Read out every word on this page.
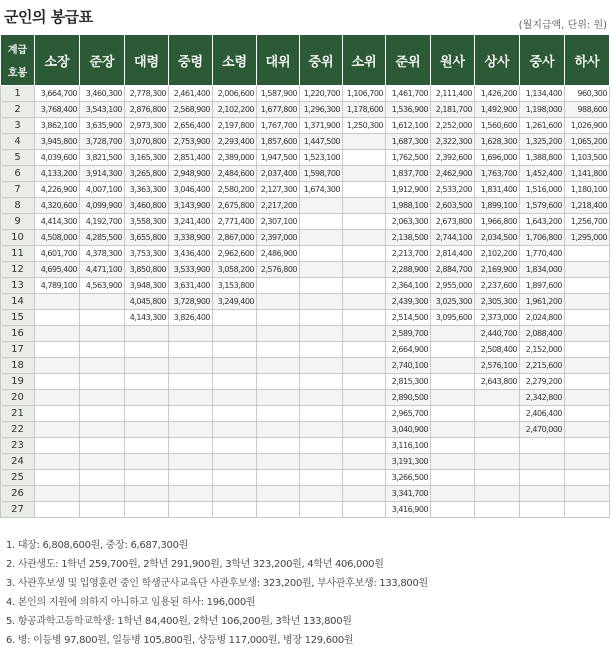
군인의 봉급표	(월지급액, 단위: 원)
계급
호봉	소장	준장	대령	중령	소령	대위	중위	소위	준위	원사	상사	중사	하사
1	3,664,700	3,460,300	2,778,300	2,461,400	2,006,600	1,587,900	1,220,700	1,106,700	1,461,700	2,111,400	1,426,200	1,134,400	960,300
2	3,768,400	3,543,100	2,876,800	2,568,900	2,102,200	1,677,800	1,296,300	1,178,600	1,536,900	2,181,700	1,492,900	1,198,000	988,600
3	3,862,100	3,635,900	2,973,300	2,656,400	2,197,800	1,767,700	1,371,900	1,250,300	1,612,100	2,252,000	1,560,600	1,261,600	1,026,900
4	3,945,800	3,728,700	3,070,800	2,753,900	2,293,400	1,857,600	1,447,500		1,687,300	2,322,300	1,628,300	1,325,200	1,065,200
5	4,039,600	3,821,500	3,165,300	2,851,400	2,389,000	1,947,500	1,523,100		1,762,500	2,392,600	1,696,000	1,388,800	1,103,500
6	4,133,200	3,914,300	3,265,800	2,948,900	2,484,600	2,037,400	1,598,700		1,837,700	2,462,900	1,763,700	1,452,400	1,141,800
7	4,226,900	4,007,100	3,363,300	3,046,400	2,580,200	2,127,300	1,674,300		1,912,900	2,533,200	1,831,400	1,516,000	1,180,100
8	4,320,600	4,099,900	3,460,800	3,143,900	2,675,800	2,217,200			1,988,100	2,603,500	1,899,100	1,579,600	1,218,400
9	4,414,300	4,192,700	3,558,300	3,241,400	2,771,400	2,307,100			2,063,300	2,673,800	1,966,800	1,643,200	1,256,700
10	4,508,000	4,285,500	3,655,800	3,338,900	2,867,000	2,397,000			2,138,500	2,744,100	2,034,500	1,706,800	1,295,000
11	4,601,700	4,378,300	3,753,300	3,436,400	2,962,600	2,486,900			2,213,700	2,814,400	2,102,200	1,770,400	
12	4,695,400	4,471,100	3,850,800	3,533,900	3,058,200	2,576,800			2,288,900	2,884,700	2,169,900	1,834,000	
13	4,789,100	4,563,900	3,948,300	3,631,400	3,153,800				2,364,100	2,955,000	2,237,600	1,897,600	
14			4,045,800	3,728,900	3,249,400				2,439,300	3,025,300	2,305,300	1,961,200	
15			4,143,300	3,826,400					2,514,500	3,095,600	2,373,000	2,024,800	
16									2,589,700		2,440,700	2,088,400	
17									2,664,900		2,508,400	2,152,000	
18									2,740,100		2,576,100	2,215,600	
19									2,815,300		2,643,800	2,279,200	
20									2,890,500			2,342,800	
21									2,965,700			2,406,400	
22									3,040,900			2,470,000	
23									3,116,100				
24									3,191,300				
25									3,266,500				
26									3,341,700				
27									3,416,900				
1. 대장: 6,808,600원, 중장: 6,687,300원
2. 사관생도: 1학년 259,700원, 2학년 291,900원, 3학년 323,200원, 4학년 406,000원
3. 사관후보생 및 입영훈련 중인 학생군사교육단 사관후보생: 323,200원, 부사관후보생: 133,800원
4. 본인의 지원에 의하지 아니하고 임용된 하사: 196,000원
5. 항공과학고등학교학생: 1학년 84,400원, 2학년 106,200원, 3학년 133,800원
6. 병: 이등병 97,800원, 일등병 105,800원, 상등병 117,000원, 병장 129,600원
